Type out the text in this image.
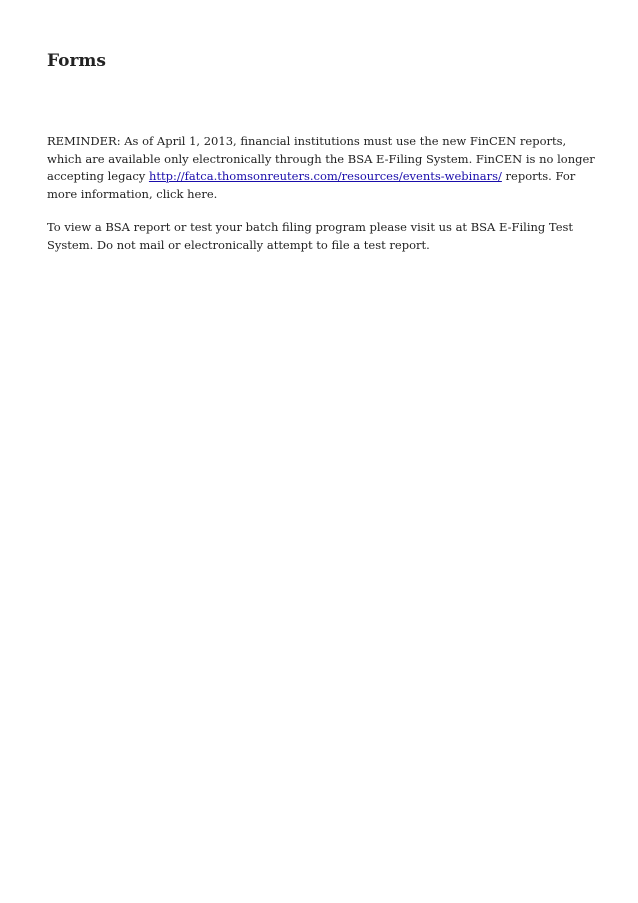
Forms

REMINDER: As of April 1, 2013, financial institutions must use the new FinCEN reports, which are available only electronically through the BSA E-Filing System. FinCEN is no longer accepting legacy http://fatca.thomsonreuters.com/resources/events-webinars/ reports. For more information, click here.

To view a BSA report or test your batch filing program please visit us at BSA E-Filing Test System. Do not mail or electronically attempt to file a test report.
